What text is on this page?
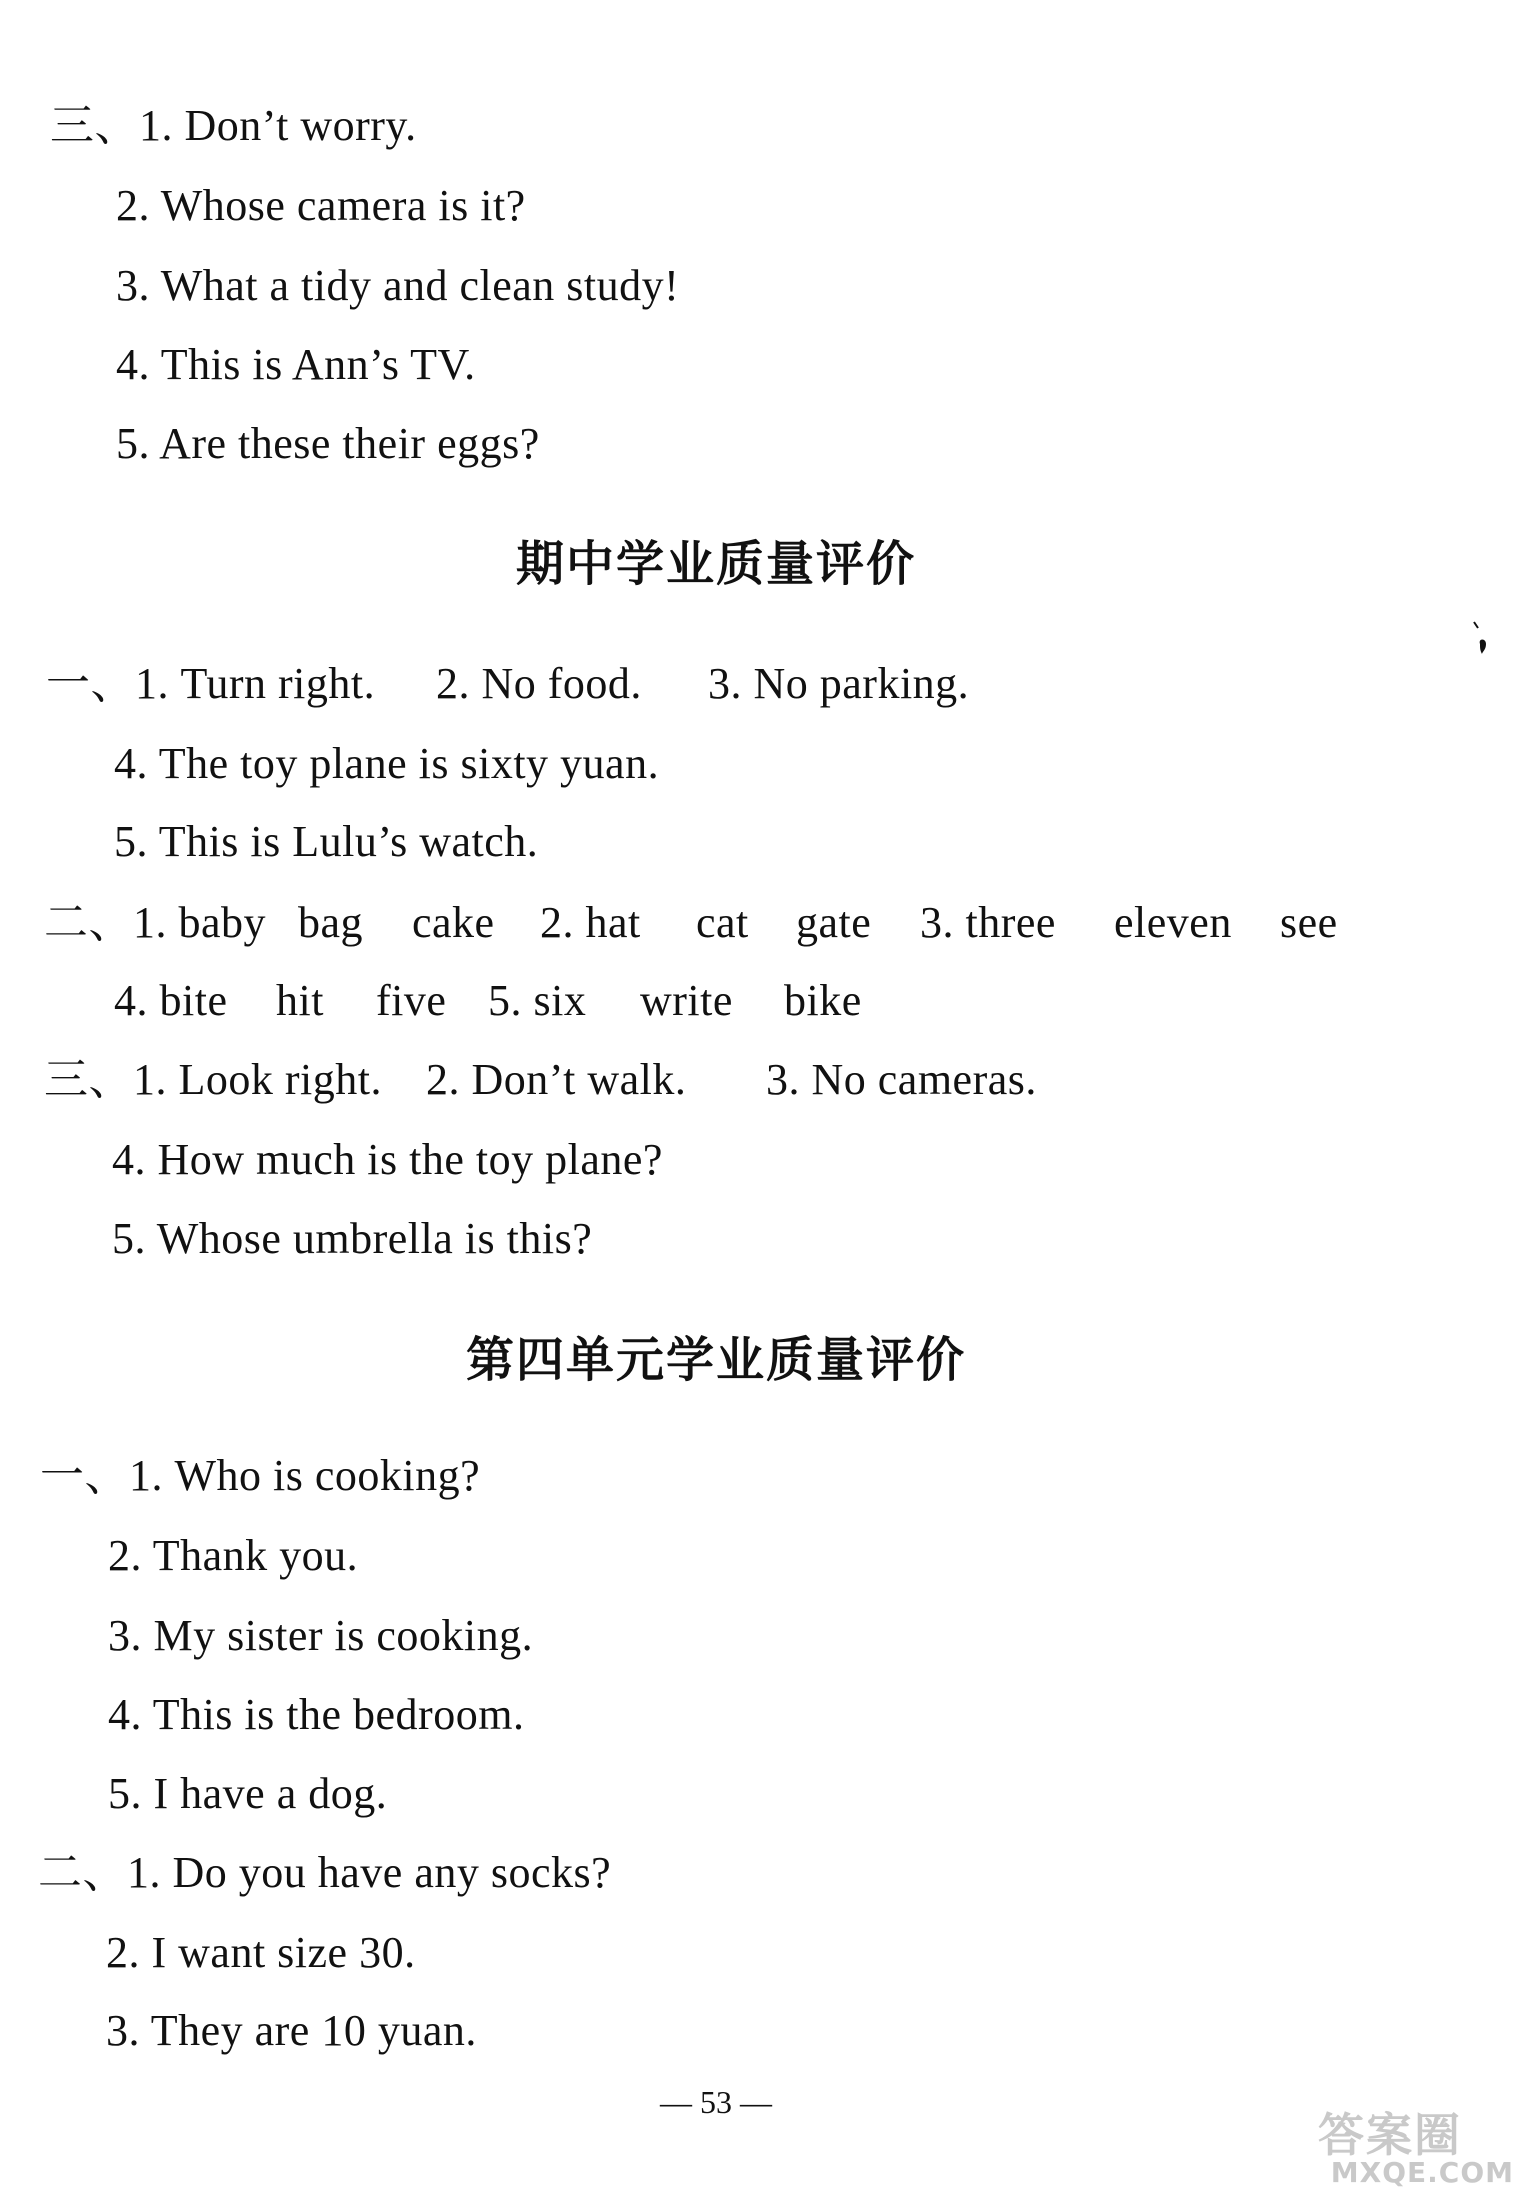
三、1. Don’t worry.
2. Whose camera is it?
3. What a tidy and clean study!
4. This is Ann’s TV.
5. Are these their eggs?
期中学业质量评价
一、1. Turn right. 2. No food. 3. No parking.
4. The toy plane is sixty yuan.
5. This is Lulu’s watch.
二、1. baby bag cake 2. hat cat gate 3. three eleven see
4. bite hit five 5. six write bike
三、1. Look right. 2. Don’t walk. 3. No cameras.
4. How much is the toy plane?
5. Whose umbrella is this?
第四单元学业质量评价
一、1. Who is cooking?
2. Thank you.
3. My sister is cooking.
4. This is the bedroom.
5. I have a dog.
二、1. Do you have any socks?
2. I want size 30.
3. They are 10 yuan.
— 53 —
答案圈
MXQE.COM
